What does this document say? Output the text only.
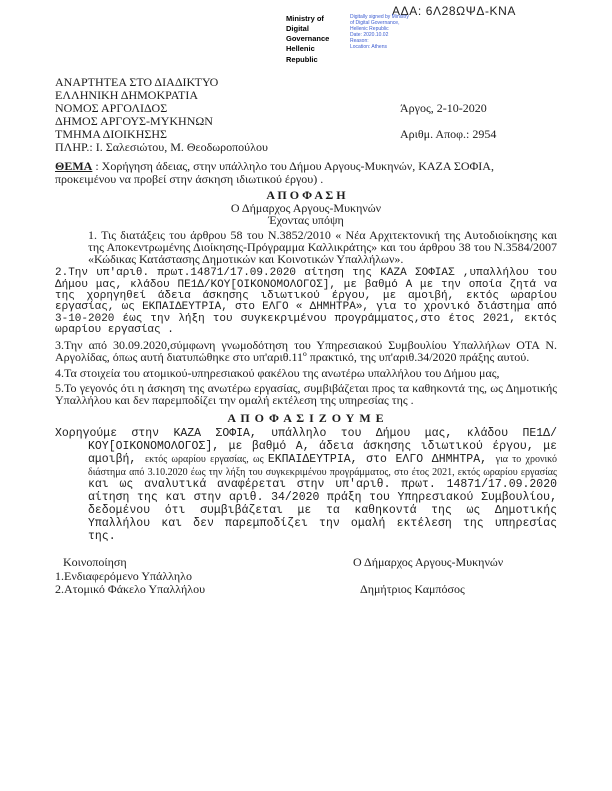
ΑΔΑ: 6Λ28ΩΨΔ-ΚΝΑ
Ministry of Digital
Governance
Hellenic Republic
Digitally signed by Ministry
of Digital Governance,
Hellenic Republic
Date: 2020.10.02
Reason:
Location: Athens
ΑΝΑΡΤΗΤΕΑ ΣΤΟ ΔΙΑΔΙΚΤΥΟ
ΕΛΛΗΝΙΚΗ ΔΗΜΟΚΡΑΤΙΑ
ΝΟΜΟΣ ΑΡΓΟΛΙΔΟΣ	Άργος, 2-10-2020
ΔΗΜΟΣ ΑΡΓΟΥΣ-ΜΥΚΗΝΩΝ
ΤΜΗΜΑ ΔΙΟΙΚΗΣΗΣ	Αριθμ. Αποφ.: 2954
ΠΛΗΡ.: Ι. Σαλεσιώτου, Μ. Θεοδωροπούλου
ΘΕΜΑ : Χορήγηση άδειας, στην υπάλληλο του Δήμου Αργους-Μυκηνών, ΚΑΖΑ ΣΟΦΙΑ, προκειμένου να προβεί στην άσκηση ιδιωτικού έργου) .
Α Π Ο Φ Α Σ Η
Ο Δήμαρχος Αργους-Μυκηνών
Έχοντας υπόψη
1. Τις διατάξεις του άρθρου 58 του Ν.3852/2010 « Νέα Αρχιτεκτονική της Αυτοδιοίκησης και της Αποκεντρωμένης Διοίκησης-Πρόγραμμα Καλλικράτης» και του άρθρου 38 του Ν.3584/2007 «Κώδικας Κατάστασης Δημοτικών και Κοινοτικών Υπαλλήλων».
2.Την υπ'αριθ. πρωτ.14871/17.09.2020 αίτηση της ΚΑΖΑ ΣΟΦΙΑΣ ,υπαλλήλου του Δήμου μας, κλάδου ΠΕ1Δ/ΚΟΥ[ΟΙΚΟΝΟΜΟΛΟΓΟΣ], με βαθμό Α με την οποία ζητά να της χορηγηθεί άδεια άσκησης ιδιωτικού έργου, με αμοιβή, εκτός ωραρίου εργασίας, ως ΕΚΠΑΙΔΕΥΤΡΙΑ, στο ΕΛΓΟ « ΔΗΜΗΤΡΑ», για το χρονικό διάστημα από 3-10-2020 έως την λήξη του συγκεκριμένου προγράμματος,στο έτος 2021, εκτός ωραρίου εργασίας .
3.Την από 30.09.2020,σύμφωνη γνωμοδότηση του Υπηρεσιακού Συμβουλίου Υπαλλήλων ΟΤΑ Ν. Αργολίδας, όπως αυτή διατυπώθηκε στο υπ'αριθ.11º πρακτικό, της υπ'αριθ.34/2020 πράξης αυτού.
4.Τα στοιχεία του ατομικού-υπηρεσιακού φακέλου της ανωτέρω υπαλλήλου του Δήμου μας,
5.Το γεγονός ότι η άσκηση της ανωτέρω εργασίας, συμβιβάζεται προς τα καθηκοντά της, ως Δημοτικής Υπαλλήλου και δεν παρεμποδίζει την ομαλή εκτέλεση της υπηρεσίας της .
Α Π Ο Φ Α Σ Ι Ζ Ο Υ Μ Ε
Χορηγούμε στην ΚΑΖΑ ΣΟΦΙΑ, υπάλληλο του Δήμου μας, κλάδου ΠΕ1Δ/ΚΟΥ[ΟΙΚΟΝΟΜΟΛΟΓΟΣ], με βαθμό Α, άδεια άσκησης ιδιωτικού έργου, με αμοιβή, εκτός ωραρίου εργασίας, ως ΕΚΠΑΙΔΕΥΤΡΙΑ, στο ΕΛΓΟ ΔΗΜΗΤΡΑ, για το χρονικό διάστημα από 3.10.2020 έως την λήξη του συγκεκριμένου προγράμματος, στο έτος 2021, εκτός ωραρίου εργασίας και ως αναλυτικά αναφέρεται στην υπ'αριθ. πρωτ. 14871/17.09.2020 αίτηση της και στην αριθ. 34/2020 πράξη του Υπηρεσιακού Συμβουλίου, δεδομένου ότι συμβιβάζεται με τα καθηκοντά της ως Δημοτικής Υπαλλήλου και δεν παρεμποδίζει την ομαλή εκτέλεση της υπηρεσίας της.
Κοινοποίηση	Ο Δήμαρχος Αργους-Μυκηνών
1.Ενδιαφερόμενο Υπάλληλο
2.Ατομικό Φάκελο Υπαλλήλου	Δημήτριος Καμπόσος
